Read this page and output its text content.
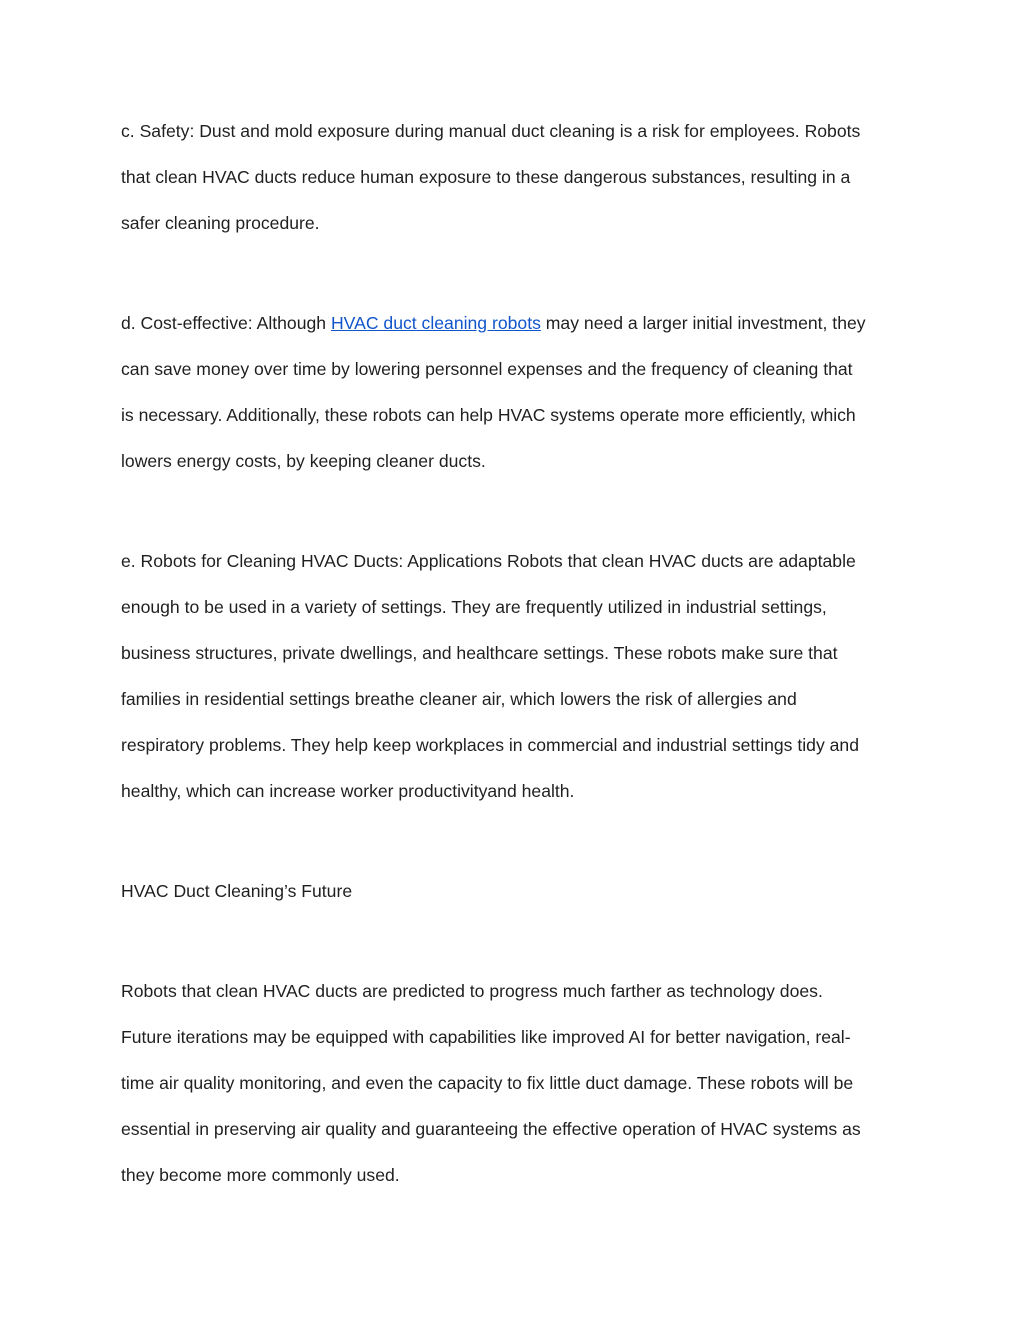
c. Safety: Dust and mold exposure during manual duct cleaning is a risk for employees. Robots

that clean HVAC ducts reduce human exposure to these dangerous substances, resulting in a

safer cleaning procedure.

d. Cost-effective: Although HVAC duct cleaning robots may need a larger initial investment, they

can save money over time by lowering personnel expenses and the frequency of cleaning that

is necessary. Additionally, these robots can help HVAC systems operate more efficiently, which

lowers energy costs, by keeping cleaner ducts.

e. Robots for Cleaning HVAC Ducts: Applications Robots that clean HVAC ducts are adaptable

enough to be used in a variety of settings. They are frequently utilized in industrial settings,

business structures, private dwellings, and healthcare settings. These robots make sure that

families in residential settings breathe cleaner air, which lowers the risk of allergies and

respiratory problems. They help keep workplaces in commercial and industrial settings tidy and

healthy, which can increase worker productivityand health.

HVAC Duct Cleaning’s Future

Robots that clean HVAC ducts are predicted to progress much farther as technology does.

Future iterations may be equipped with capabilities like improved AI for better navigation, real-

time air quality monitoring, and even the capacity to fix little duct damage. These robots will be

essential in preserving air quality and guaranteeing the effective operation of HVAC systems as

they become more commonly used.
